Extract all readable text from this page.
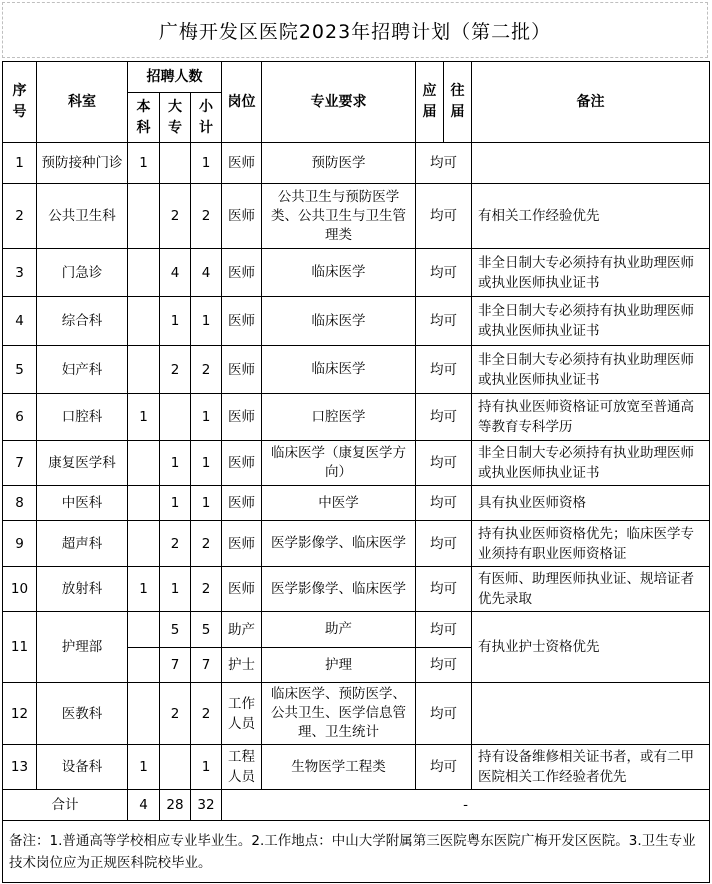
广梅开发区医院2023年招聘计划（第二批）
序号	科室	招聘人数			岗位	专业要求	应届	往届	备注
		本科	大专	小计					
1	预防接种门诊	1		1	医师	预防医学	均可		
2	公共卫生科		2	2	医师	公共卫生与预防医学类、公共卫生与卫生管理类	均可		有相关工作经验优先
3	门急诊		4	4	医师	临床医学	均可		非全日制大专必须持有执业助理医师或执业医师执业证书
4	综合科		1	1	医师	临床医学	均可		非全日制大专必须持有执业助理医师或执业医师执业证书
5	妇产科		2	2	医师	临床医学	均可		非全日制大专必须持有执业助理医师或执业医师执业证书
6	口腔科	1		1	医师	口腔医学	均可		持有执业医师资格证可放宽至普通高等教育专科学历
7	康复医学科		1	1	医师	临床医学（康复医学方向）	均可		非全日制大专必须持有执业助理医师或执业医师执业证书
8	中医科		1	1	医师	中医学	均可		具有执业医师资格
9	超声科		2	2	医师	医学影像学、临床医学	均可		持有执业医师资格优先；临床医学专业须持有职业医师资格证
10	放射科	1	1	2	医师	医学影像学、临床医学	均可		有医师、助理医师执业证、规培证者优先录取
11	护理部		5	5	助产	助产	均可		有执业护士资格优先
			7	7	护士	护理	均可		
12	医教科		2	2	工作人员	临床医学、预防医学、公共卫生、医学信息管理、卫生统计	均可		
13	设备科	1		1	工程人员	生物医学工程类	均可		持有设备维修相关证书者，或有二甲医院相关工作经验者优先
合计		4	28	32	-				
备注：1.普通高等学校相应专业毕业生。2.工作地点：中山大学附属第三医院粤东医院广梅开发区医院。3.卫生专业技术岗位应为正规医科院校毕业。									
